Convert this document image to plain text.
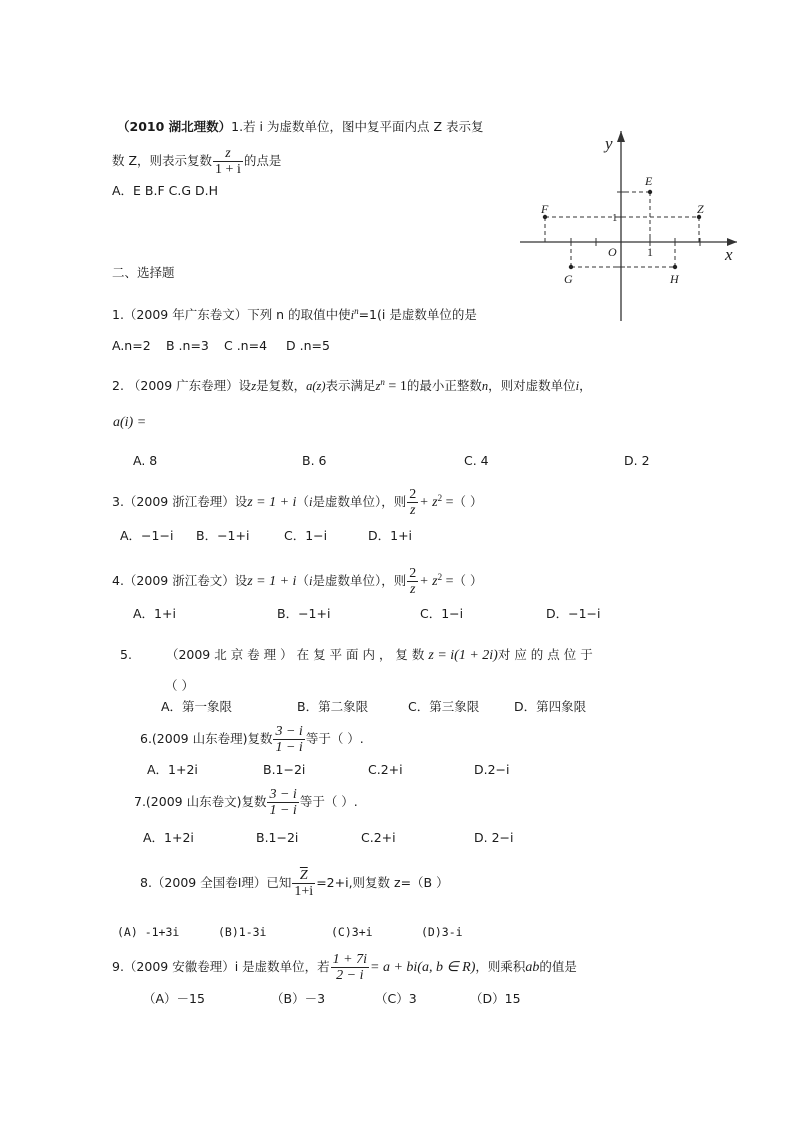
（2010 湖北理数）1.若 i 为虚数单位，图中复平面内点 Z 表示复
数 Z，则表示复数 $\frac{z}{1 + i}$ 的点是
A．E B.F C.G D.H
y
x
O	1
1
E
F	Z
G	H
二、选择题
1.（2009 年广东卷文）下列 n 的取值中使$i^n=1(i$ 是虚数单位的是
A.n=2 B .n=3 C .n=4 D .n=5
2. （2009 广东卷理）设z是复数，a(z)表示满足$z^n = 1$的最小正整数n，则对虚数单位i，
a(i) =
A. 8	B. 6	C. 4	D. 2
3.（2009 浙江卷理）设z = 1 + i（i是虚数单位），则 $\frac{2}{z} + z^2$ =（ ）
A．−1−i B．−1+i	C．1−i	D．1+i
4.（2009 浙江卷文）设z = 1 + i（i是虚数单位），则 $\frac{2}{z} + z^2$ =（ ）
A．1+i	B．−1+i	C．1−i	D．−1−i
5.	（2009 北 京 卷 理 ） 在 复 平 面 内 ， 复 数 z = i(1 + 2i)对 应 的 点 位 于
（ ）
A．第一象限	B．第二象限	C．第三象限	D．第四象限
6.(2009 山东卷理)复数 $\frac{3 - i}{1 - i}$ 等于（ ）.
A．1+2i	B.1−2i	C.2+i	D.2−i
7.(2009 山东卷文)复数 $\frac{3 - i}{1 - i}$ 等于（ ）.
A．1+2i	B.1−2i	C.2+i	D. 2−i
8.（2009 全国卷Ⅰ理）已知 $\frac{\overline{Z}}{1+i} =2+i$,则复数 z=（B ）
(A) -1+3i	(B)1-3i	(C)3+i	(D)3-i
9.（2009 安徽卷理）i 是虚数单位，若 $\frac{1 + 7i}{2 - i} = a + bi(a$, b ∈ R)，则乘积ab的值是
（A）－15	（B）－3	（C）3	（D）15
